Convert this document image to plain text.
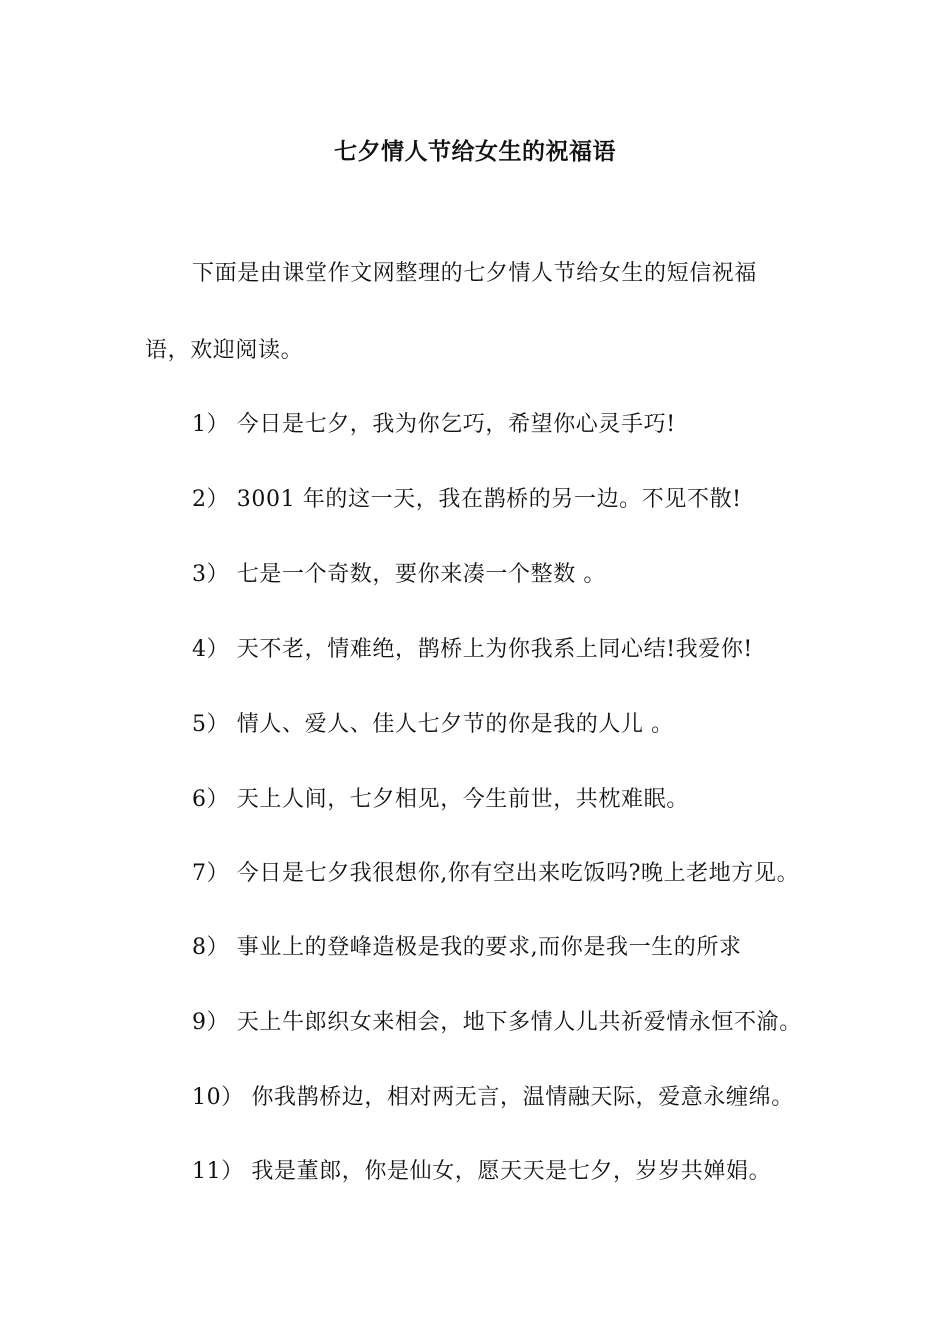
七夕情人节给女生的祝福语
下面是由课堂作文网整理的七夕情人节给女生的短信祝福
语，欢迎阅读。
1） 今日是七夕，我为你乞巧，希望你心灵手巧!
2） 3001 年的这一天，我在鹊桥的另一边。不见不散!
3） 七是一个奇数，要你来凑一个整数 。
4） 天不老，情难绝，鹊桥上为你我系上同心结!我爱你!
5） 情人、爱人、佳人七夕节的你是我的人儿 。
6） 天上人间，七夕相见，今生前世，共枕难眠。
7） 今日是七夕我很想你,你有空出来吃饭吗?晚上老地方见。
8） 事业上的登峰造极是我的要求,而你是我一生的所求
9） 天上牛郎织女来相会，地下多情人儿共祈爱情永恒不渝。
10） 你我鹊桥边，相对两无言，温情融天际，爱意永缠绵。
11） 我是董郎，你是仙女，愿天天是七夕，岁岁共婵娟。
